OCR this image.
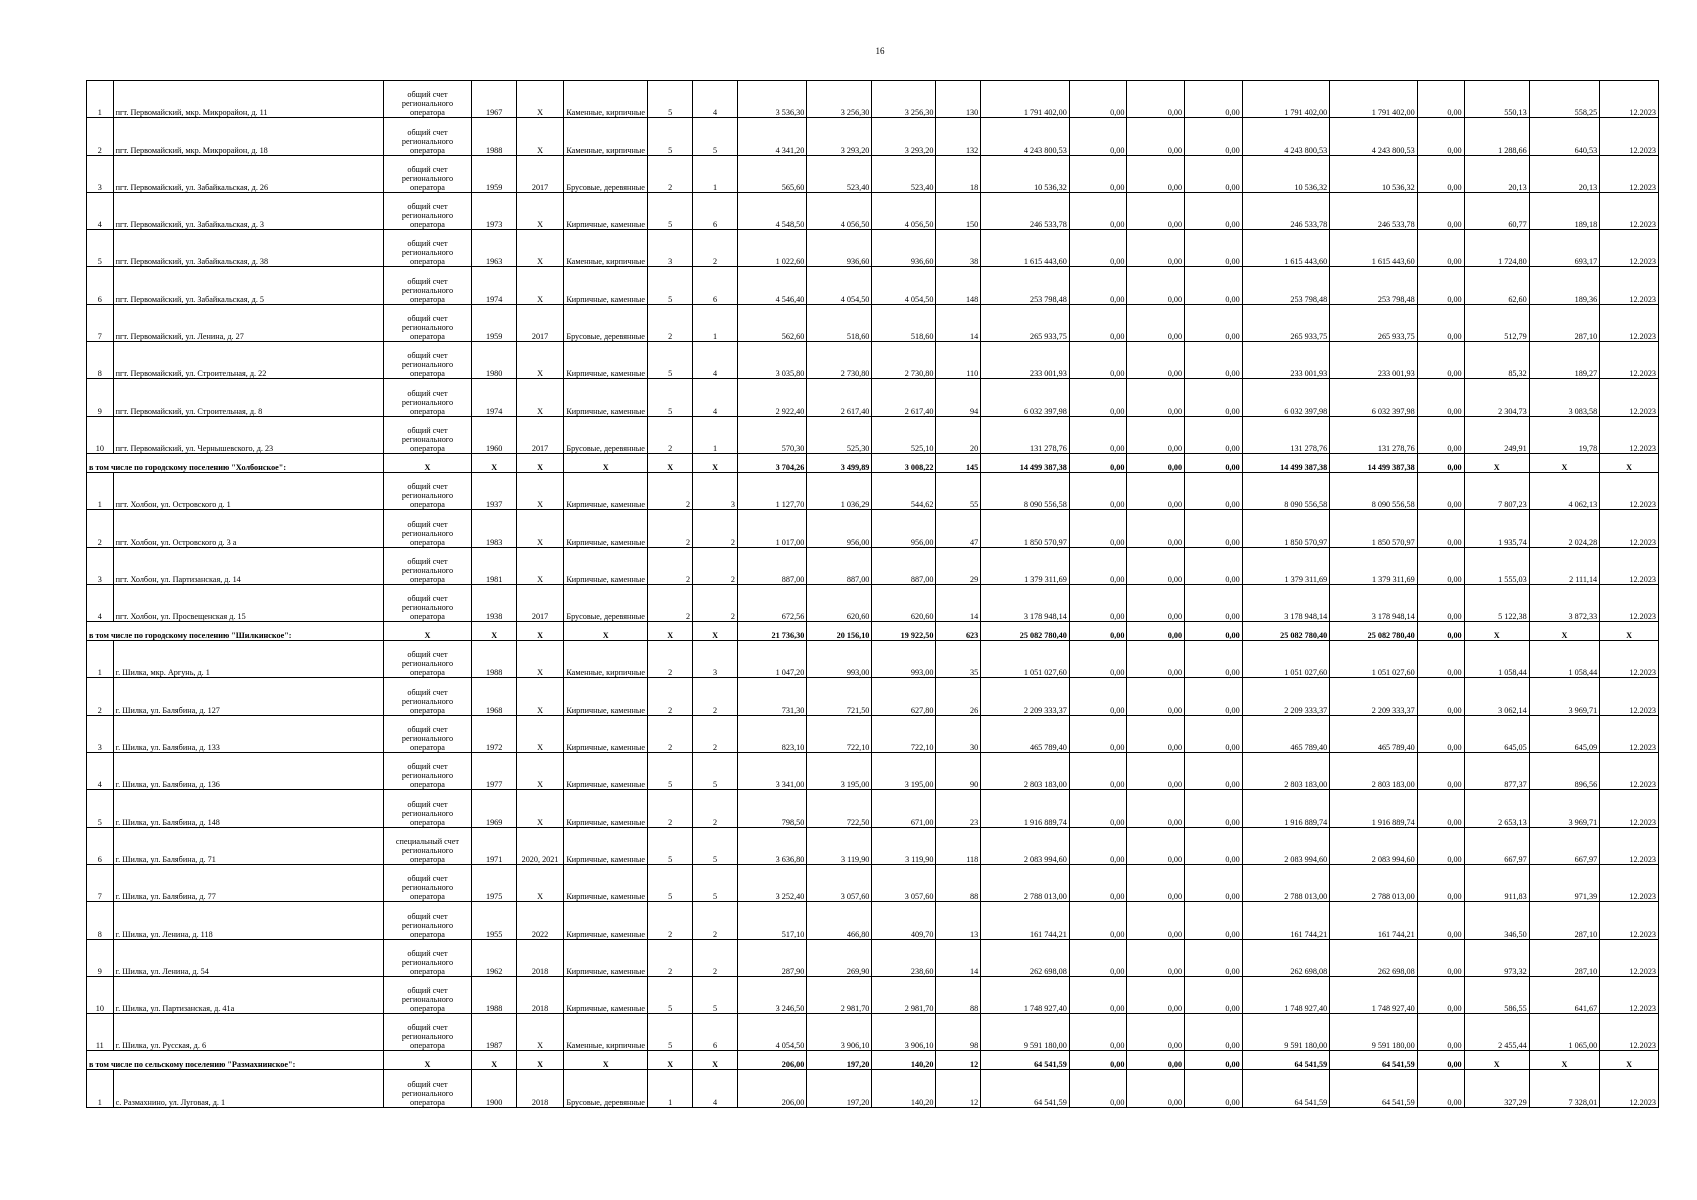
16
1	пгт. Первомайский, мкр. Микрорайон, д. 11	общий счет регионального оператора	1967	X	Каменные, кирпичные	5	4	3 536,30	3 256,30	3 256,30	130	1 791 402,00	0,00	0,00	0,00	1 791 402,00	1 791 402,00	0,00	550,13	558,25	12.2023
2	пгт. Первомайский, мкр. Микрорайон, д. 18	общий счет регионального оператора	1988	X	Каменные, кирпичные	5	5	4 341,20	3 293,20	3 293,20	132	4 243 800,53	0,00	0,00	0,00	4 243 800,53	4 243 800,53	0,00	1 288,66	640,53	12.2023
3	пгт. Первомайский, ул. Забайкальская, д. 26	общий счет регионального оператора	1959	2017	Брусовые, деревянные	2	1	565,60	523,40	523,40	18	10 536,32	0,00	0,00	0,00	10 536,32	10 536,32	0,00	20,13	20,13	12.2023
4	пгт. Первомайский, ул. Забайкальская, д. 3	общий счет регионального оператора	1973	X	Кирпичные, каменные	5	6	4 548,50	4 056,50	4 056,50	150	246 533,78	0,00	0,00	0,00	246 533,78	246 533,78	0,00	60,77	189,18	12.2023
5	пгт. Первомайский, ул. Забайкальская, д. 38	общий счет регионального оператора	1963	X	Каменные, кирпичные	3	2	1 022,60	936,60	936,60	38	1 615 443,60	0,00	0,00	0,00	1 615 443,60	1 615 443,60	0,00	1 724,80	693,17	12.2023
6	пгт. Первомайский, ул. Забайкальская, д. 5	общий счет регионального оператора	1974	X	Кирпичные, каменные	5	6	4 546,40	4 054,50	4 054,50	148	253 798,48	0,00	0,00	0,00	253 798,48	253 798,48	0,00	62,60	189,36	12.2023
7	пгт. Первомайский, ул. Ленина, д. 27	общий счет регионального оператора	1959	2017	Брусовые, деревянные	2	1	562,60	518,60	518,60	14	265 933,75	0,00	0,00	0,00	265 933,75	265 933,75	0,00	512,79	287,10	12.2023
8	пгт. Первомайский, ул. Строительная, д. 22	общий счет регионального оператора	1980	X	Кирпичные, каменные	5	4	3 035,80	2 730,80	2 730,80	110	233 001,93	0,00	0,00	0,00	233 001,93	233 001,93	0,00	85,32	189,27	12.2023
9	пгт. Первомайский, ул. Строительная, д. 8	общий счет регионального оператора	1974	X	Кирпичные, каменные	5	4	2 922,40	2 617,40	2 617,40	94	6 032 397,98	0,00	0,00	0,00	6 032 397,98	6 032 397,98	0,00	2 304,73	3 083,58	12.2023
10	пгт. Первомайский, ул. Чернышевского, д. 23	общий счет регионального оператора	1960	2017	Брусовые, деревянные	2	1	570,30	525,30	525,10	20	131 278,76	0,00	0,00	0,00	131 278,76	131 278,76	0,00	249,91	19,78	12.2023
в том числе по городскому поселению "Холбонское":		X	X	X	X	X	X	3 704,26	3 499,89	3 008,22	145	14 499 387,38	0,00	0,00	0,00	14 499 387,38	14 499 387,38	0,00	X	X	X
1	пгт. Холбон, ул. Островского д. 1	общий счет регионального оператора	1937	X	Кирпичные, каменные	2	3	1 127,70	1 036,29	544,62	55	8 090 556,58	0,00	0,00	0,00	8 090 556,58	8 090 556,58	0,00	7 807,23	4 062,13	12.2023
2	пгт. Холбон, ул. Островского д. 3 а	общий счет регионального оператора	1983	X	Кирпичные, каменные	2	2	1 017,00	956,00	956,00	47	1 850 570,97	0,00	0,00	0,00	1 850 570,97	1 850 570,97	0,00	1 935,74	2 024,28	12.2023
3	пгт. Холбон, ул. Партизанская, д. 14	общий счет регионального оператора	1981	X	Кирпичные, каменные	2	2	887,00	887,00	887,00	29	1 379 311,69	0,00	0,00	0,00	1 379 311,69	1 379 311,69	0,00	1 555,03	2 111,14	12.2023
4	пгт. Холбон, ул. Просвещенская д. 15	общий счет регионального оператора	1938	2017	Брусовые, деревянные	2	2	672,56	620,60	620,60	14	3 178 948,14	0,00	0,00	0,00	3 178 948,14	3 178 948,14	0,00	5 122,38	3 872,33	12.2023
в том числе по городскому поселению "Шилкинское":		X	X	X	X	X	X	21 736,30	20 156,10	19 922,50	623	25 082 780,40	0,00	0,00	0,00	25 082 780,40	25 082 780,40	0,00	X	X	X
1	г. Шилка, мкр. Аргунь, д. 1	общий счет регионального оператора	1988	X	Каменные, кирпичные	2	3	1 047,20	993,00	993,00	35	1 051 027,60	0,00	0,00	0,00	1 051 027,60	1 051 027,60	0,00	1 058,44	1 058,44	12.2023
2	г. Шилка, ул. Балябина, д. 127	общий счет регионального оператора	1968	X	Кирпичные, каменные	2	2	731,30	721,50	627,80	26	2 209 333,37	0,00	0,00	0,00	2 209 333,37	2 209 333,37	0,00	3 062,14	3 969,71	12.2023
3	г. Шилка, ул. Балябина, д. 133	общий счет регионального оператора	1972	X	Кирпичные, каменные	2	2	823,10	722,10	722,10	30	465 789,40	0,00	0,00	0,00	465 789,40	465 789,40	0,00	645,05	645,09	12.2023
4	г. Шилка, ул. Балябина, д. 136	общий счет регионального оператора	1977	X	Кирпичные, каменные	5	5	3 341,00	3 195,00	3 195,00	90	2 803 183,00	0,00	0,00	0,00	2 803 183,00	2 803 183,00	0,00	877,37	896,56	12.2023
5	г. Шилка, ул. Балябина, д. 148	общий счет регионального оператора	1969	X	Кирпичные, каменные	2	2	798,50	722,50	671,00	23	1 916 889,74	0,00	0,00	0,00	1 916 889,74	1 916 889,74	0,00	2 653,13	3 969,71	12.2023
6	г. Шилка, ул. Балябина, д. 71	специальный счет регионального оператора	1971	2020, 2021	Кирпичные, каменные	5	5	3 636,80	3 119,90	3 119,90	118	2 083 994,60	0,00	0,00	0,00	2 083 994,60	2 083 994,60	0,00	667,97	667,97	12.2023
7	г. Шилка, ул. Балябина, д. 77	общий счет регионального оператора	1975	X	Кирпичные, каменные	5	5	3 252,40	3 057,60	3 057,60	88	2 788 013,00	0,00	0,00	0,00	2 788 013,00	2 788 013,00	0,00	911,83	971,39	12.2023
8	г. Шилка, ул. Ленина, д. 118	общий счет регионального оператора	1955	2022	Кирпичные, каменные	2	2	517,10	466,80	409,70	13	161 744,21	0,00	0,00	0,00	161 744,21	161 744,21	0,00	346,50	287,10	12.2023
9	г. Шилка, ул. Ленина, д. 54	общий счет регионального оператора	1962	2018	Кирпичные, каменные	2	2	287,90	269,90	238,60	14	262 698,08	0,00	0,00	0,00	262 698,08	262 698,08	0,00	973,32	287,10	12.2023
10	г. Шилка, ул. Партизанская, д. 41а	общий счет регионального оператора	1988	2018	Кирпичные, каменные	5	5	3 246,50	2 981,70	2 981,70	88	1 748 927,40	0,00	0,00	0,00	1 748 927,40	1 748 927,40	0,00	586,55	641,67	12.2023
11	г. Шилка, ул. Русская, д. 6	общий счет регионального оператора	1987	X	Каменные, кирпичные	5	6	4 054,50	3 906,10	3 906,10	98	9 591 180,00	0,00	0,00	0,00	9 591 180,00	9 591 180,00	0,00	2 455,44	1 065,00	12.2023
в том числе по сельскому поселению "Размахнинское":		X	X	X	X	X	X	206,00	197,20	140,20	12	64 541,59	0,00	0,00	0,00	64 541,59	64 541,59	0,00	X	X	X
1	с. Размахнино, ул. Луговая, д. 1	общий счет регионального оператора	1900	2018	Брусовые, деревянные	1	4	206,00	197,20	140,20	12	64 541,59	0,00	0,00	0,00	64 541,59	64 541,59	0,00	327,29	7 328,01	12.2023
